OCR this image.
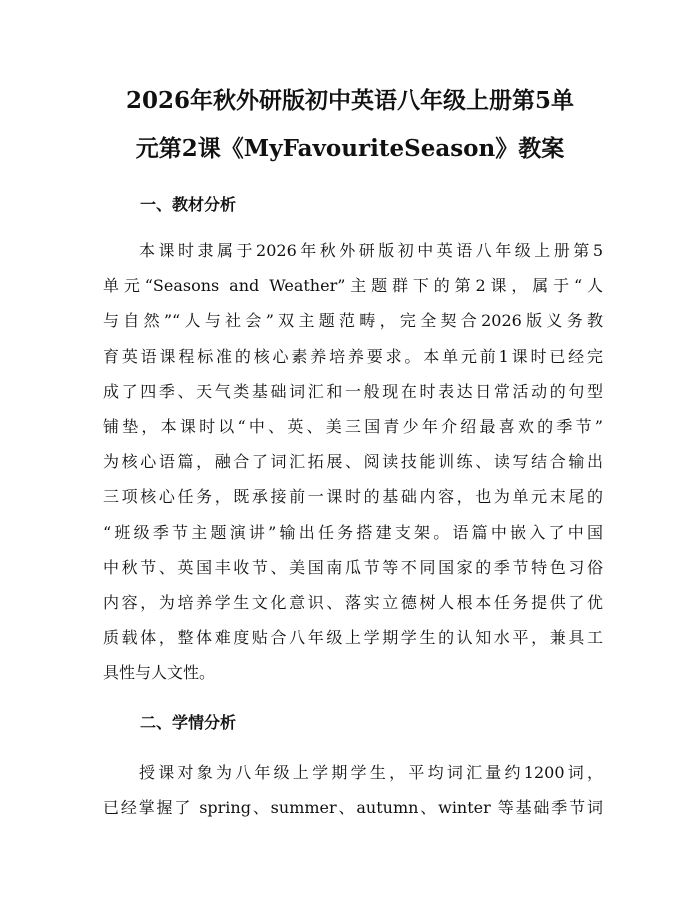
2026年秋外研版初中英语八年级上册第5单
元第2课《MyFavouriteSeason》教案
一、教材分析
本课时隶属于2026年秋外研版初中英语八年级上册第5
单元“Seasons and Weather”主题群下的第2课，属于“人
与自然”“人与社会”双主题范畴，完全契合2026版义务教
育英语课程标准的核心素养培养要求。本单元前1课时已经完
成了四季、天气类基础词汇和一般现在时表达日常活动的句型
铺垫，本课时以“中、英、美三国青少年介绍最喜欢的季节”
为核心语篇，融合了词汇拓展、阅读技能训练、读写结合输出
三项核心任务，既承接前一课时的基础内容，也为单元末尾的
“班级季节主题演讲”输出任务搭建支架。语篇中嵌入了中国
中秋节、英国丰收节、美国南瓜节等不同国家的季节特色习俗
内容，为培养学生文化意识、落实立德树人根本任务提供了优
质载体，整体难度贴合八年级上学期学生的认知水平，兼具工
具性与人文性。
二、学情分析
授课对象为八年级上学期学生，平均词汇量约1200词，
已经掌握了 spring、summer、autumn、winter 等基础季节词
